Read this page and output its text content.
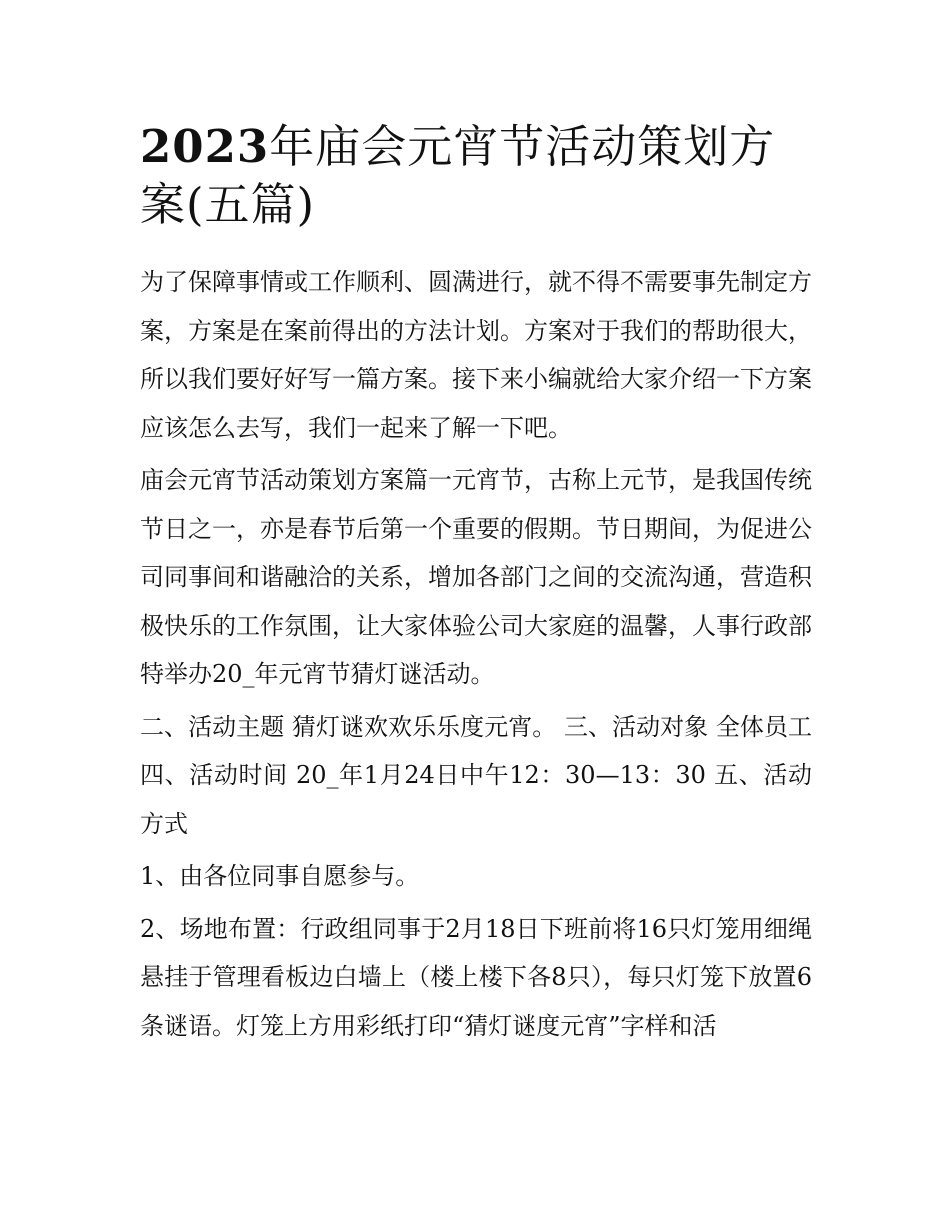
2023年庙会元宵节活动策划方案(五篇)

为了保障事情或工作顺利、圆满进行，就不得不需要事先制定方案，方案是在案前得出的方法计划。方案对于我们的帮助很大，所以我们要好好写一篇方案。接下来小编就给大家介绍一下方案应该怎么去写，我们一起来了解一下吧。

庙会元宵节活动策划方案篇一元宵节，古称上元节，是我国传统节日之一，亦是春节后第一个重要的假期。节日期间，为促进公司同事间和谐融洽的关系，增加各部门之间的交流沟通，营造积极快乐的工作氛围，让大家体验公司大家庭的温馨，人事行政部特举办20_年元宵节猜灯谜活动。

二、活动主题 猜灯谜欢欢乐乐度元宵。 三、活动对象 全体员工 四、活动时间 20_年1月24日中午12：30—13：30 五、活动方式

1、由各位同事自愿参与。

2、场地布置：行政组同事于2月18日下班前将16只灯笼用细绳悬挂于管理看板边白墙上（楼上楼下各8只），每只灯笼下放置6条谜语。灯笼上方用彩纸打印“猜灯谜度元宵”字样和活
